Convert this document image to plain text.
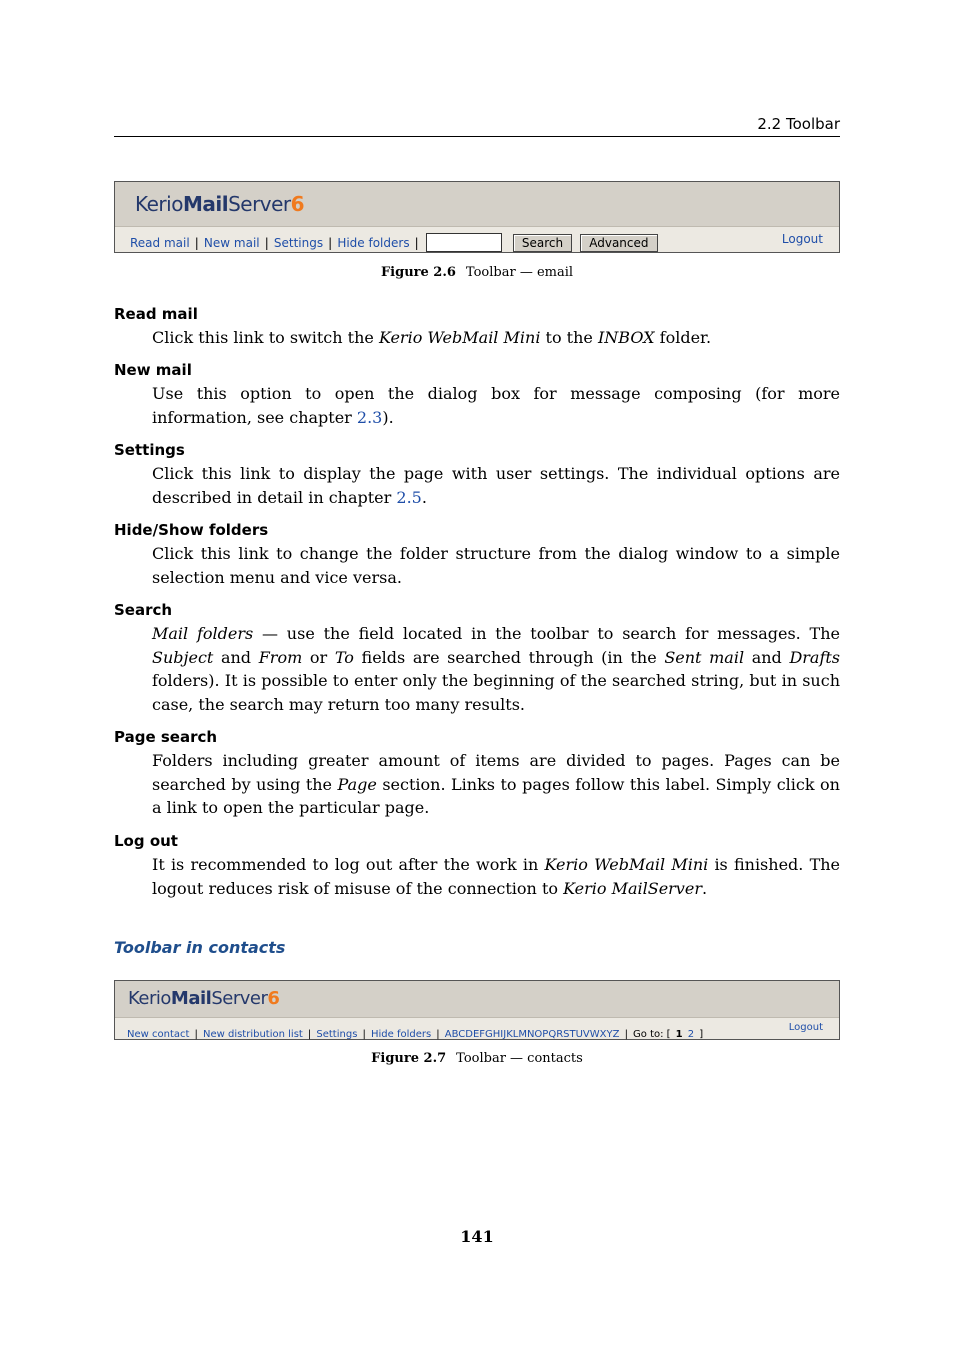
2.2 Toolbar
KerioMailServer6
Read mail | New mail | Settings | Hide folders |	Search Advanced	Logout
Figure 2.6 Toolbar — email
Read mail
Click this link to switch the Kerio WebMail Mini to the INBOX folder.
New mail
Use this option to open the dialog box for message composing (for more information, see chapter 2.3).
Settings
Click this link to display the page with user settings. The individual options are described in detail in chapter 2.5.
Hide/Show folders
Click this link to change the folder structure from the dialog window to a simple selection menu and vice versa.
Search
Mail folders — use the field located in the toolbar to search for messages. The Subject and From or To fields are searched through (in the Sent mail and Drafts folders). It is possible to enter only the beginning of the searched string, but in such case, the search may return too many results.
Page search
Folders including greater amount of items are divided to pages. Pages can be searched by using the Page section. Links to pages follow this label. Simply click on a link to open the particular page.
Log out
It is recommended to log out after the work in Kerio WebMail Mini is finished. The logout reduces risk of misuse of the connection to Kerio MailServer.
Toolbar in contacts
KerioMailServer6
New contact | New distribution list | Settings | Hide folders | ABCDEFGHIJKLMNOPQRSTUVWXYZ | Go to: [ 1 2 ]
Logout
Figure 2.7 Toolbar — contacts
141
